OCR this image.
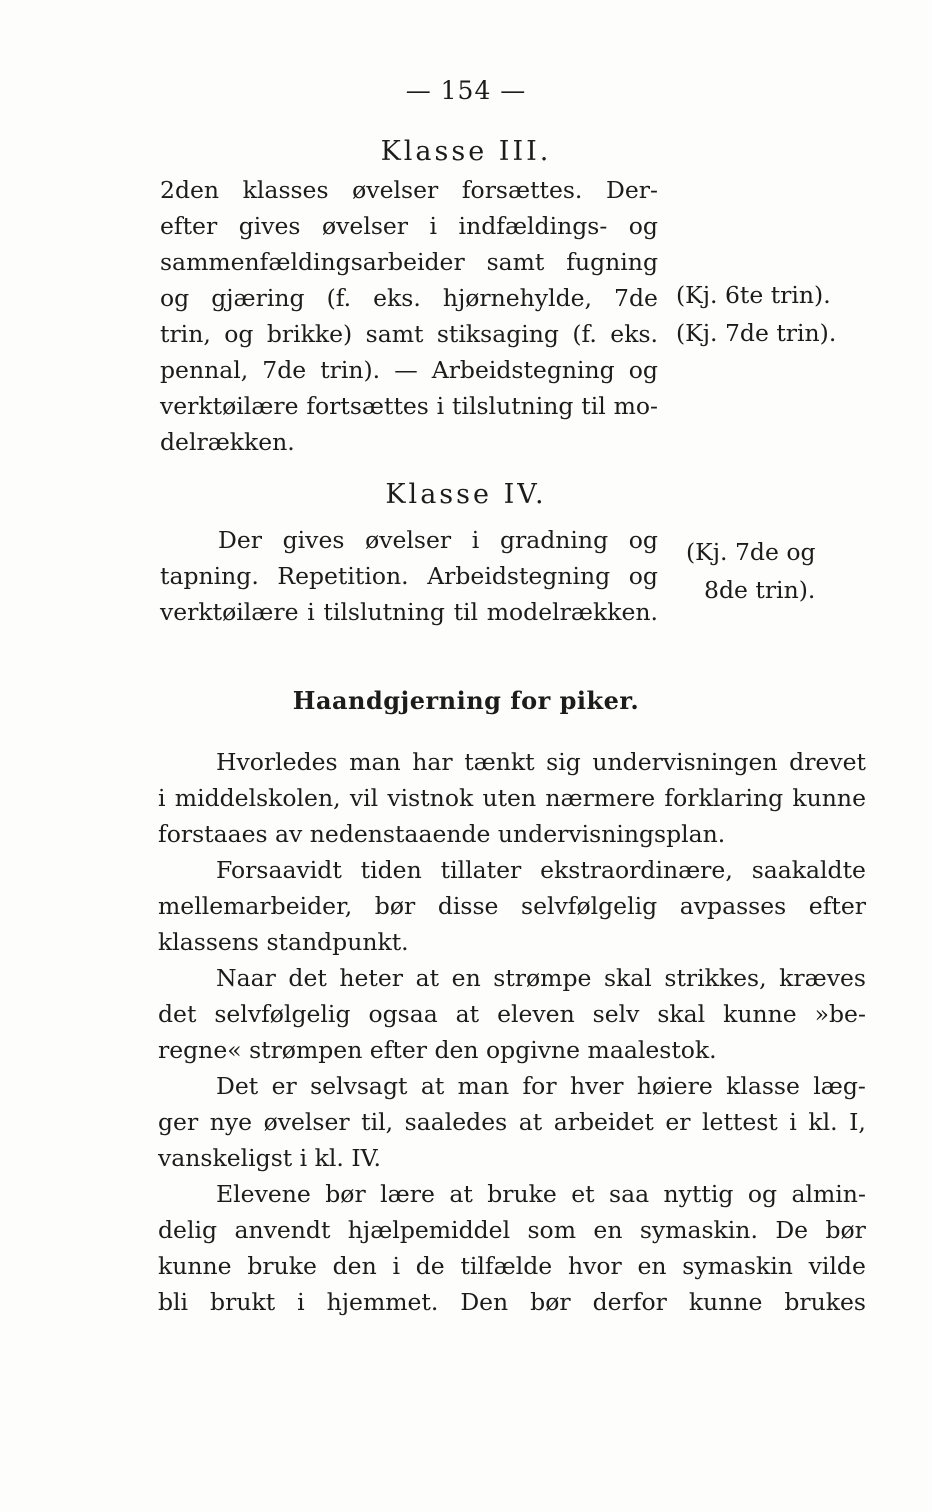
— 154 —
Klasse III.
2den klasses øvelser forsættes. Der-
efter gives øvelser i indfældings- og
sammenfældingsarbeider samt fugning
og gjæring (f. eks. hjørnehylde, 7de
trin, og brikke) samt stiksaging (f. eks.
pennal, 7de trin). — Arbeidstegning og
verktøilære fortsættes i tilslutning til mo-
delrækken.
(Kj. 6te trin).
(Kj. 7de trin).
Klasse IV.
Der gives øvelser i gradning og
tapning. Repetition. Arbeidstegning og
verktøilære i tilslutning til modelrækken.
(Kj. 7de og
8de trin).
Haandgjerning for piker.
Hvorledes man har tænkt sig undervisningen drevet
i middelskolen, vil vistnok uten nærmere forklaring kunne
forstaaes av nedenstaaende undervisningsplan.
Forsaavidt tiden tillater ekstraordinære, saakaldte
mellemarbeider, bør disse selvfølgelig avpasses efter
klassens standpunkt.
Naar det heter at en strømpe skal strikkes, kræves
det selvfølgelig ogsaa at eleven selv skal kunne »be-
regne« strømpen efter den opgivne maalestok.
Det er selvsagt at man for hver høiere klasse læg-
ger nye øvelser til, saaledes at arbeidet er lettest i kl. I,
vanskeligst i kl. IV.
Elevene bør lære at bruke et saa nyttig og almin-
delig anvendt hjælpemiddel som en symaskin. De bør
kunne bruke den i de tilfælde hvor en symaskin vilde
bli brukt i hjemmet. Den bør derfor kunne brukes
